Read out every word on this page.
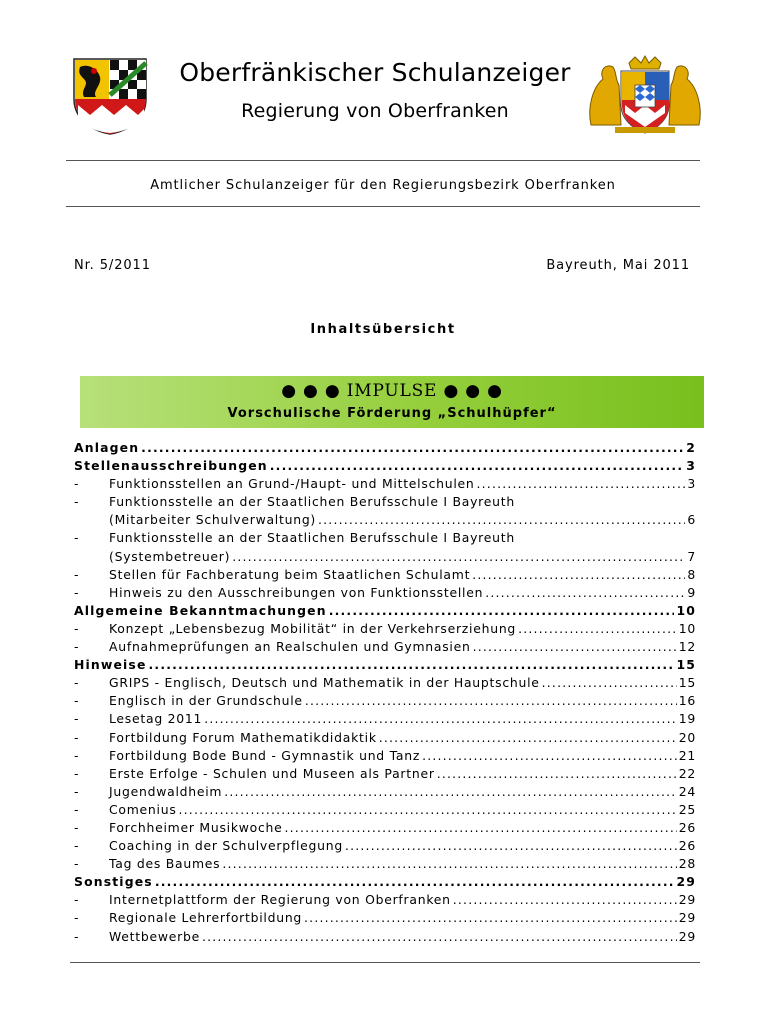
Oberfränkischer Schulanzeiger
Regierung von Oberfranken
Amtlicher Schulanzeiger für den Regierungsbezirk Oberfranken
Nr. 5/2011	Bayreuth, Mai 2011
Inhaltsübersicht
● ● ● IMPULSE ● ● ●
Vorschulische Förderung „Schulhüpfer“
Anlagen .....	2
Stellenausschreibungen .....	3
-	Funktionsstellen an Grund-/Haupt- und Mittelschulen .....	3
-	Funktionsstelle an der Staatlichen Berufsschule I Bayreuth
(Mitarbeiter Schulverwaltung) .....	6
-	Funktionsstelle an der Staatlichen Berufsschule I Bayreuth
(Systembetreuer) .....	7
-	Stellen für Fachberatung beim Staatlichen Schulamt .....	8
-	Hinweis zu den Ausschreibungen von Funktionsstellen .....	9
Allgemeine Bekanntmachungen .....	10
-	Konzept „Lebensbezug Mobilität“ in der Verkehrserziehung .....	10
-	Aufnahmeprüfungen an Realschulen und Gymnasien .....	12
Hinweise .....	15
-	GRIPS - Englisch, Deutsch und Mathematik in der Hauptschule .....	15
-	Englisch in der Grundschule .....	16
-	Lesetag 2011 .....	19
-	Fortbildung Forum Mathematikdidaktik .....	20
-	Fortbildung Bode Bund - Gymnastik und Tanz .....	21
-	Erste Erfolge - Schulen und Museen als Partner .....	22
-	Jugendwaldheim .....	24
-	Comenius .....	25
-	Forchheimer Musikwoche .....	26
-	Coaching in der Schulverpflegung .....	26
-	Tag des Baumes .....	28
Sonstiges .....	29
-	Internetplattform der Regierung von Oberfranken .....	29
-	Regionale Lehrerfortbildung .....	29
-	Wettbewerbe .....	29
